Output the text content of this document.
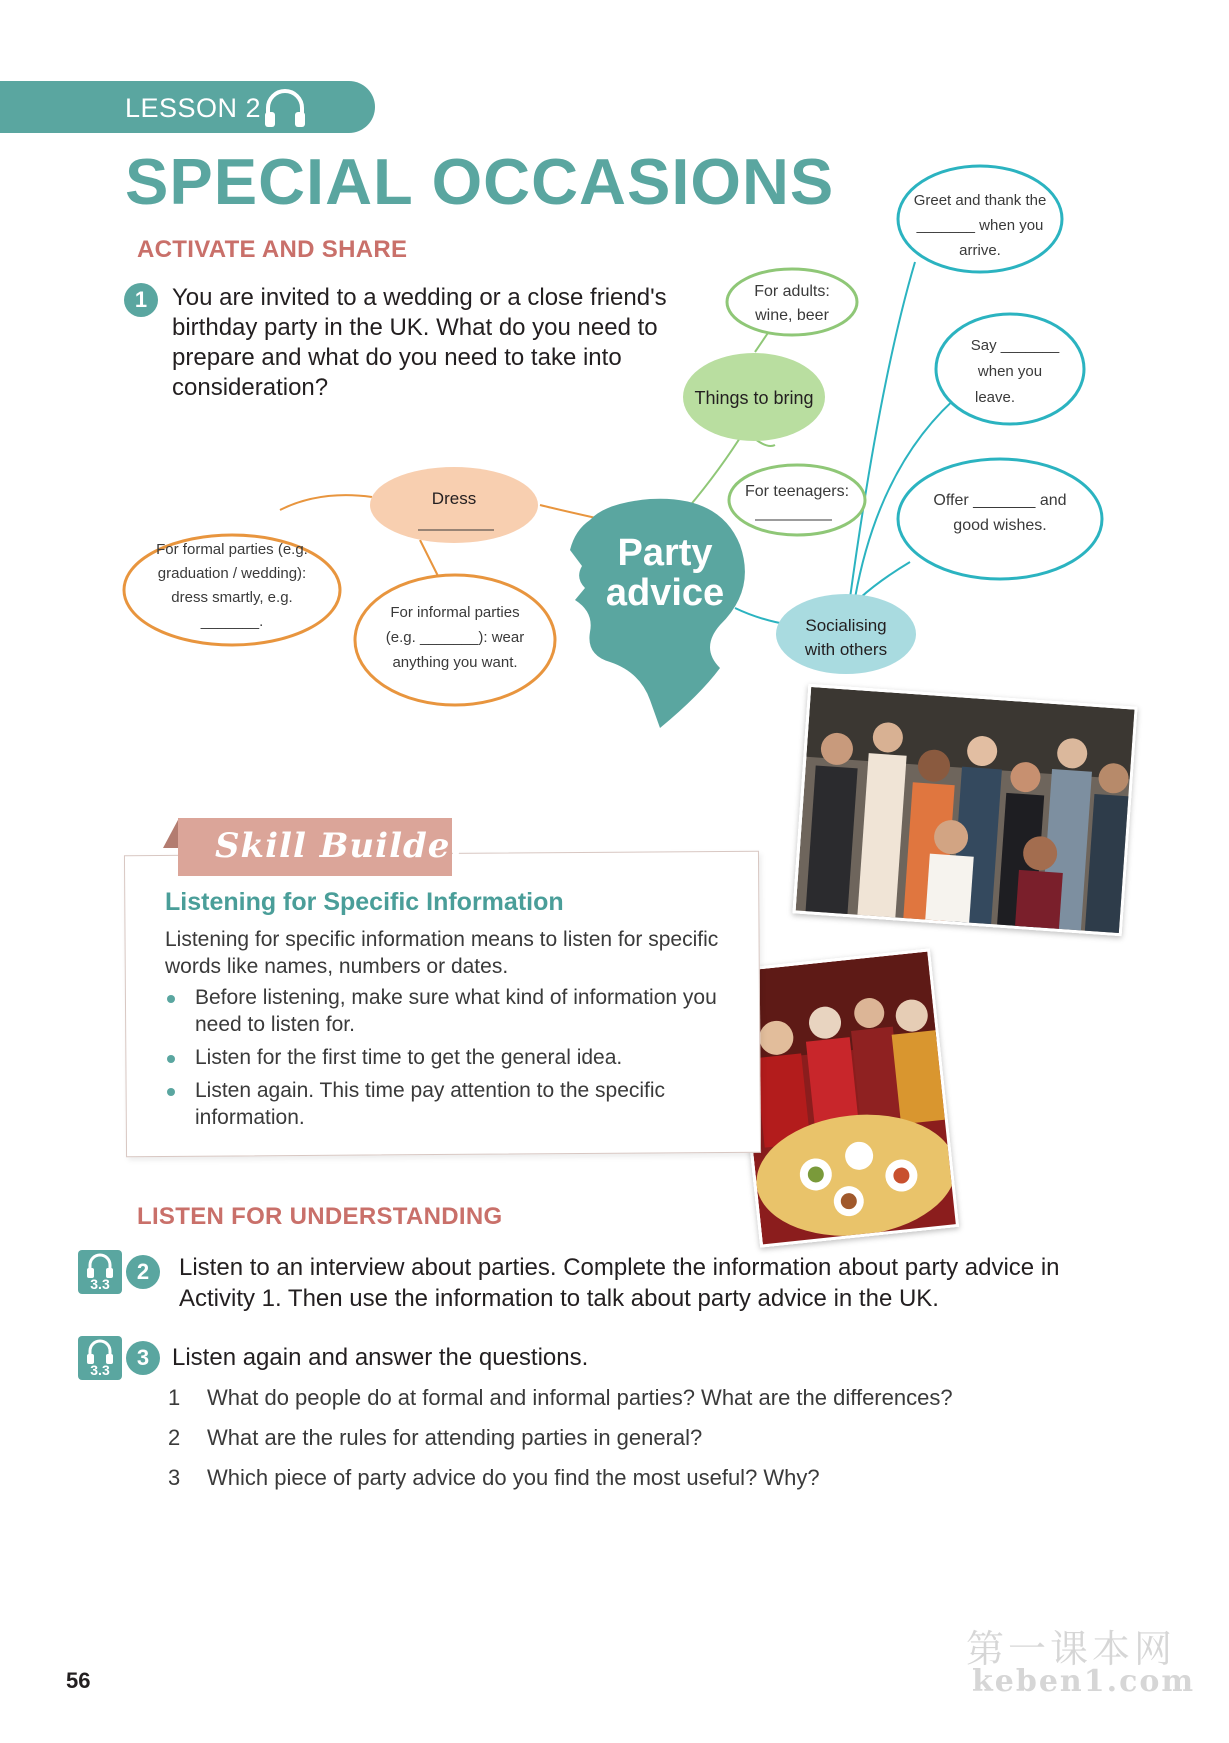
LESSON 2
SPECIAL OCCASIONS
ACTIVATE AND SHARE
1	You are invited to a wedding or a close friend's birthday party in the UK. What do you need to prepare and what do you need to take into consideration?	Things to bring
For adults:
wine, beer
For teenagers:
Dress
For formal parties (e.g.
graduation / wedding):
dress smartly, e.g.
_______.
For informal parties
(e.g. _______): wear
anything you want.
Party
advice
Socialising
with others
Greet and thank the
_______ when you
arrive.
Say _______
when you
leave.
Offer _______ and
good wishes.
Skill Builder
Listening for Specific Information
Listening for specific information means to listen for specific words like names, numbers or dates.
Before listening, make sure what kind of information you need to listen for.
Listen for the first time to get the general idea.
Listen again. This time pay attention to the specific information.
LISTEN FOR UNDERSTANDING
3.3	2	Listen to an interview about parties. Complete the information about party advice in
Activity 1. Then use the information to talk about party advice in the UK.
3.3	3 Listen again and answer the questions.
1 What do people do at formal and informal parties? What are the differences?
2 What are the rules for attending parties in general?
3 Which piece of party advice do you find the most useful? Why?
56
第一课本网
keben1.com
